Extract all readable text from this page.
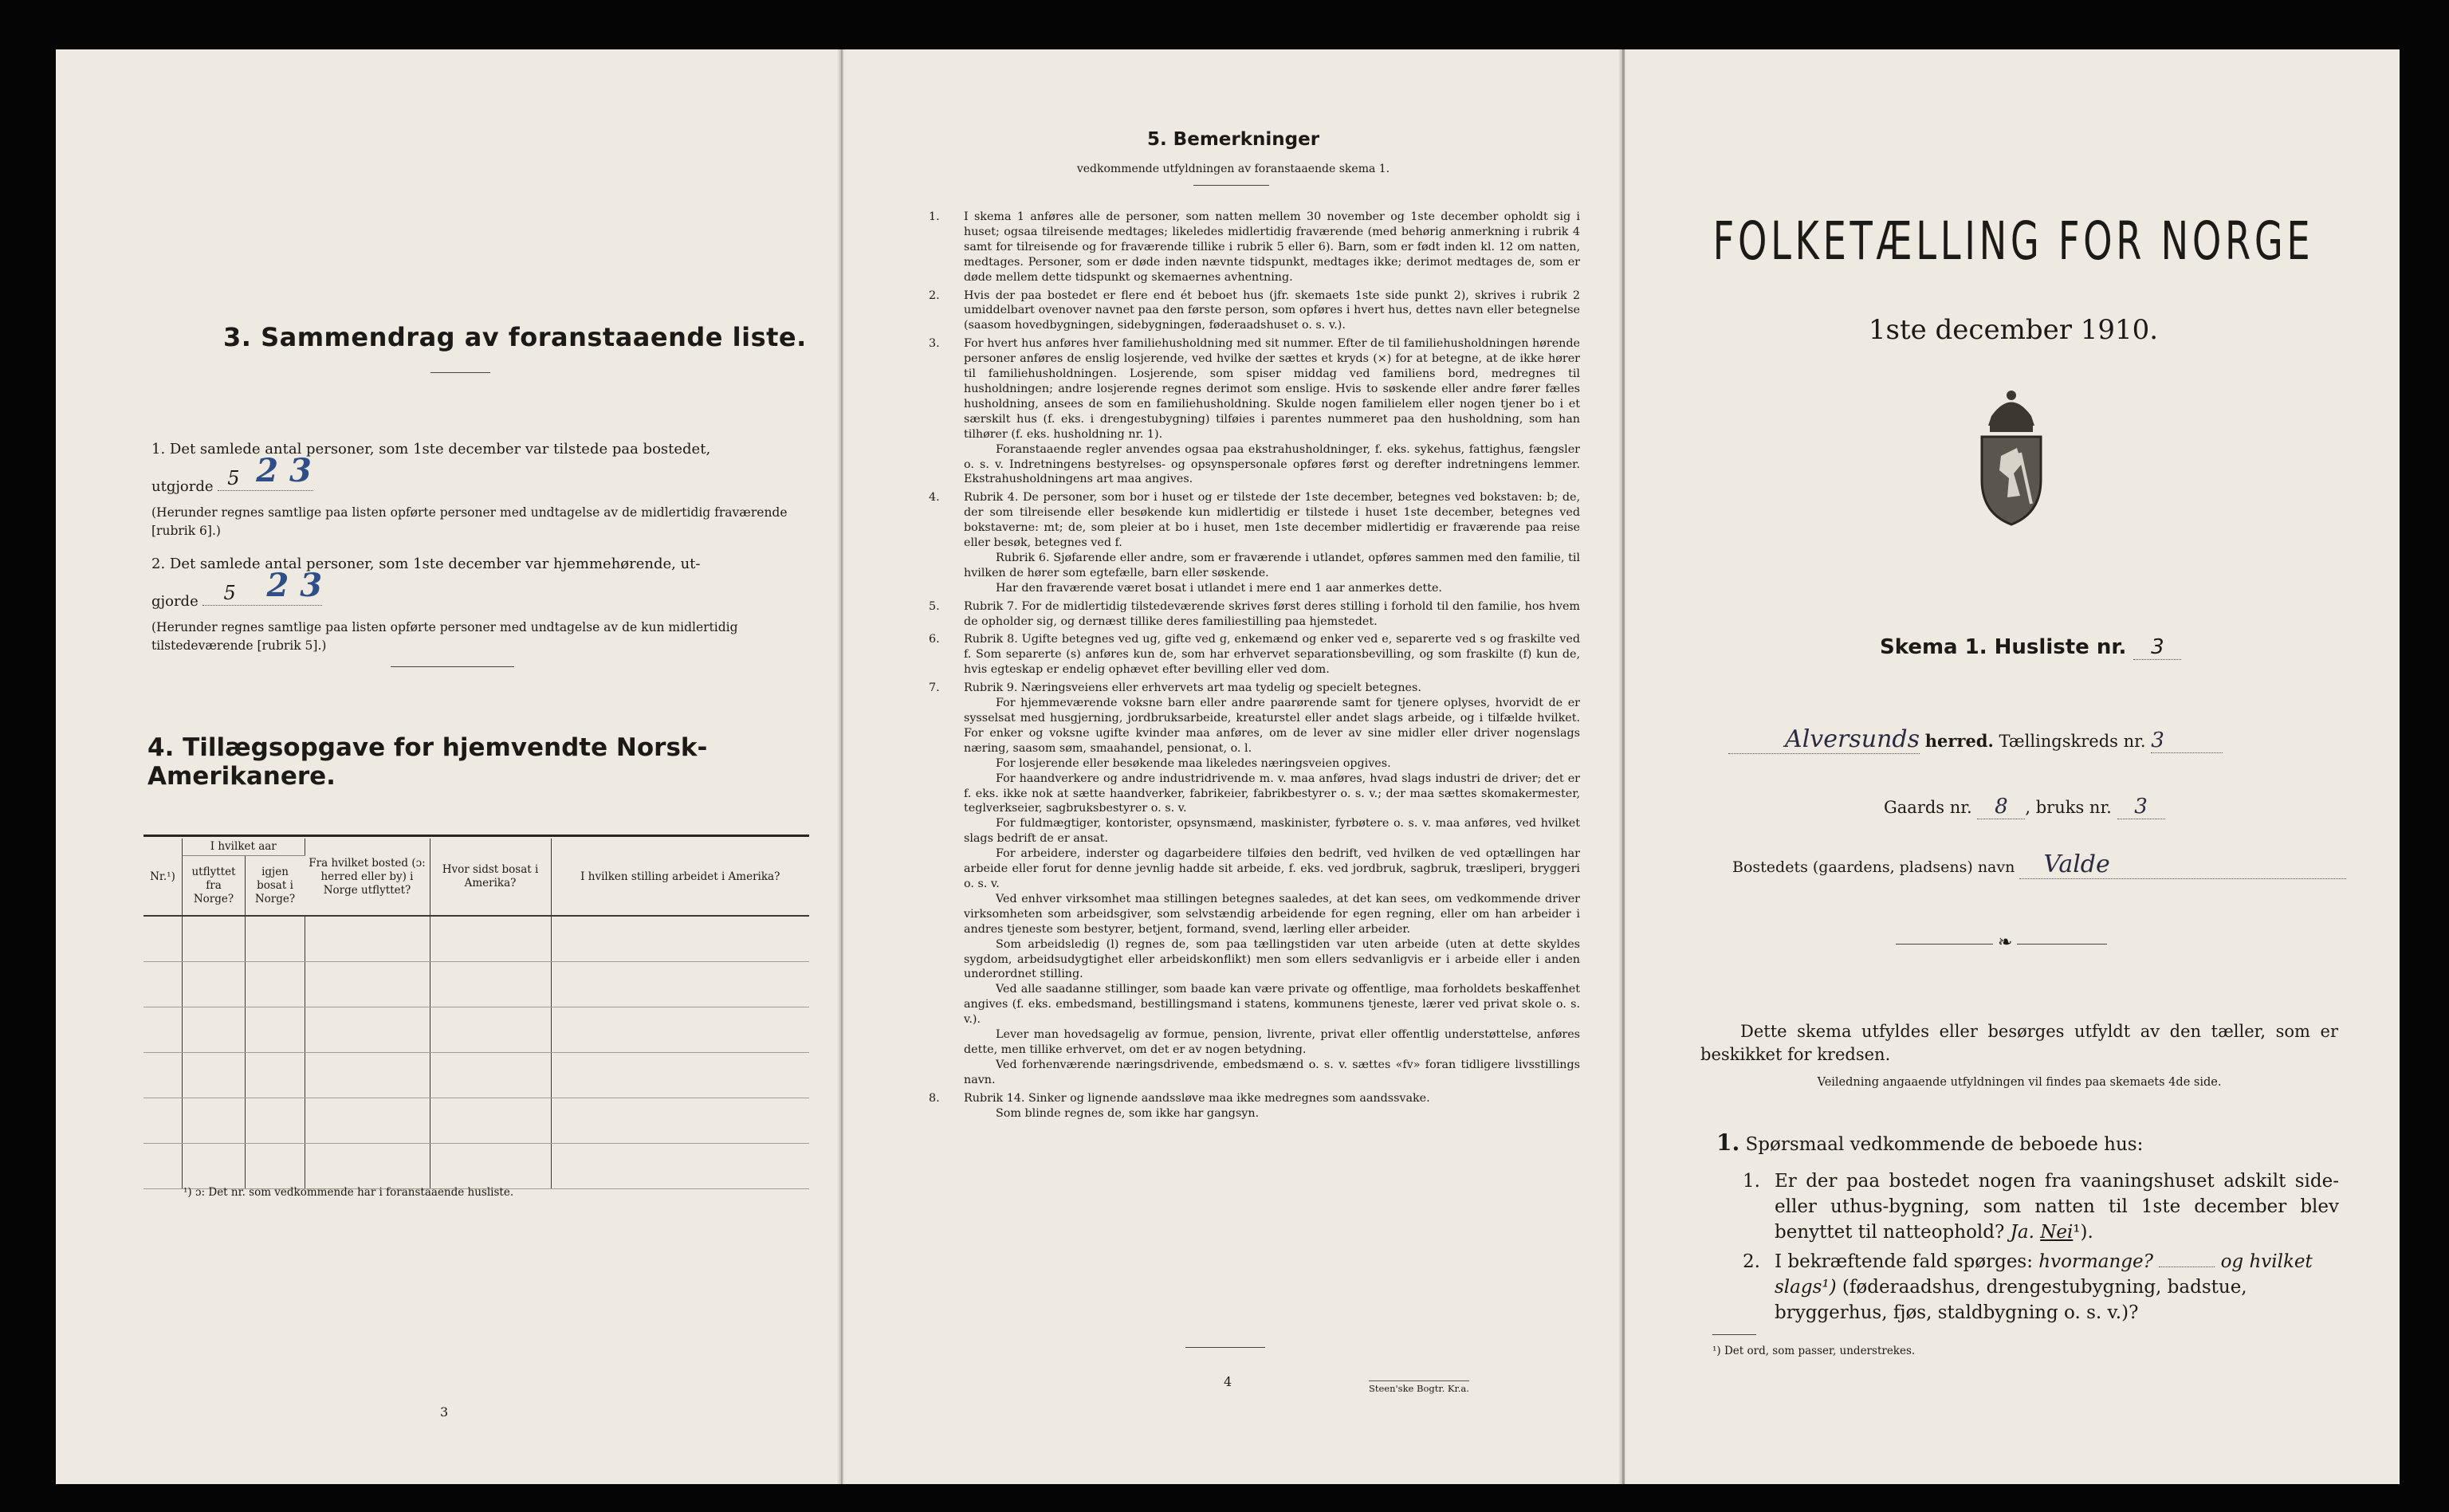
3. Sammendrag av foranstaaende liste.
1. Det samlede antal personer, som 1ste december var tilstede paa bostedet,
utgjorde 5 2 3
(Herunder regnes samtlige paa listen opførte personer med undtagelse av de midlertidig fraværende [rubrik 6].)
2. Det samlede antal personer, som 1ste december var hjemmehørende, ut-
gjorde 5 2 3
(Herunder regnes samtlige paa listen opførte personer med undtagelse av de kun midlertidig tilstedeværende [rubrik 5].)
4. Tillægsopgave for hjemvendte Norsk-Amerikanere.
Nr.¹)	I hvilket aar		Fra hvilket bosted (ɔ: herred eller by) i Norge utflyttet?	Hvor sidst bosat i Amerika?	I hvilken stilling arbeidet i Amerika?
	utflyttet fra Norge?	igjen bosat i Norge?			

¹) ɔ: Det nr. som vedkommende har i foranstaaende husliste.
3
5. Bemerkninger
vedkommende utfyldningen av foranstaaende skema 1.

1. I skema 1 anføres alle de personer, som natten mellem 30 november og 1ste december opholdt sig i huset; ogsaa tilreisende medtages; likeledes midlertidig fraværende (med behørig anmerkning i rubrik 4 samt for tilreisende og for fraværende tillike i rubrik 5 eller 6). Barn, som er født inden kl. 12 om natten, medtages. Personer, som er døde inden nævnte tidspunkt, medtages ikke; derimot medtages de, som er døde mellem dette tidspunkt og skemaernes avhentning.

2. Hvis der paa bostedet er flere end ét beboet hus (jfr. skemaets 1ste side punkt 2), skrives i rubrik 2 umiddelbart ovenover navnet paa den første person, som opføres i hvert hus, dettes navn eller betegnelse (saasom hovedbygningen, sidebygningen, føderaadshuset o. s. v.).

3. For hvert hus anføres hver familiehusholdning med sit nummer. Efter de til familiehusholdningen hørende personer anføres de enslig losjerende, ved hvilke der sættes et kryds (×) for at betegne, at de ikke hører til familiehusholdningen. Losjerende, som spiser middag ved familiens bord, medregnes til husholdningen; andre losjerende regnes derimot som enslige. Hvis to søskende eller andre fører fælles husholdning, ansees de som en familiehusholdning. Skulde nogen familielem eller nogen tjener bo i et særskilt hus (f. eks. i drengestubygning) tilføies i parentes nummeret paa den husholdning, som han tilhører (f. eks. husholdning nr. 1).

Foranstaaende regler anvendes ogsaa paa ekstrahusholdninger, f. eks. sykehus, fattighus, fængsler o. s. v. Indretningens bestyrelses- og opsynspersonale opføres først og derefter indretningens lemmer. Ekstrahusholdningens art maa angives.

4. Rubrik 4. De personer, som bor i huset og er tilstede der 1ste december, betegnes ved bokstaven: b; de, der som tilreisende eller besøkende kun midlertidig er tilstede i huset 1ste december, betegnes ved bokstaverne: mt; de, som pleier at bo i huset, men 1ste december midlertidig er fraværende paa reise eller besøk, betegnes ved f.

Rubrik 6. Sjøfarende eller andre, som er fraværende i utlandet, opføres sammen med den familie, til hvilken de hører som egtefælle, barn eller søskende.

Har den fraværende været bosat i utlandet i mere end 1 aar anmerkes dette.

5. Rubrik 7. For de midlertidig tilstedeværende skrives først deres stilling i forhold til den familie, hos hvem de opholder sig, og dernæst tillike deres familiestilling paa hjemstedet.

6. Rubrik 8. Ugifte betegnes ved ug, gifte ved g, enkemænd og enker ved e, separerte ved s og fraskilte ved f. Som separerte (s) anføres kun de, som har erhvervet separationsbevilling, og som fraskilte (f) kun de, hvis egteskap er endelig ophævet efter bevilling eller ved dom.

7. Rubrik 9. Næringsveiens eller erhvervets art maa tydelig og specielt betegnes.

For hjemmeværende voksne barn eller andre paarørende samt for tjenere oplyses, hvorvidt de er sysselsat med husgjerning, jordbruksarbeide, kreaturstel eller andet slags arbeide, og i tilfælde hvilket. For enker og voksne ugifte kvinder maa anføres, om de lever av sine midler eller driver nogenslags næring, saasom søm, smaahandel, pensionat, o. l.

For losjerende eller besøkende maa likeledes næringsveien opgives.

For haandverkere og andre industridrivende m. v. maa anføres, hvad slags industri de driver; det er f. eks. ikke nok at sætte haandverker, fabrikeier, fabrikbestyrer o. s. v.; der maa sættes skomakermester, teglverkseier, sagbruksbestyrer o. s. v.

For fuldmægtiger, kontorister, opsynsmænd, maskinister, fyrbøtere o. s. v. maa anføres, ved hvilket slags bedrift de er ansat.

For arbeidere, inderster og dagarbeidere tilføies den bedrift, ved hvilken de ved optællingen har arbeide eller forut for denne jevnlig hadde sit arbeide, f. eks. ved jordbruk, sagbruk, træsliperi, bryggeri o. s. v.

Ved enhver virksomhet maa stillingen betegnes saaledes, at det kan sees, om vedkommende driver virksomheten som arbeidsgiver, som selvstændig arbeidende for egen regning, eller om han arbeider i andres tjeneste som bestyrer, betjent, formand, svend, lærling eller arbeider.

Som arbeidsledig (l) regnes de, som paa tællingstiden var uten arbeide (uten at dette skyldes sygdom, arbeidsudygtighet eller arbeidskonflikt) men som ellers sedvanligvis er i arbeide eller i anden underordnet stilling.

Ved alle saadanne stillinger, som baade kan være private og offentlige, maa forholdets beskaffenhet angives (f. eks. embedsmand, bestillingsmand i statens, kommunens tjeneste, lærer ved privat skole o. s. v.).

Lever man hovedsagelig av formue, pension, livrente, privat eller offentlig understøttelse, anføres dette, men tillike erhvervet, om det er av nogen betydning.

Ved forhenværende næringsdrivende, embedsmænd o. s. v. sættes «fv» foran tidligere livsstillings navn.

8. Rubrik 14. Sinker og lignende aandssløve maa ikke medregnes som aandssvake.

Som blinde regnes de, som ikke har gangsyn.

4	Steen'ske Bogtr. Kr.a.
FOLKETÆLLING FOR NORGE
1ste december 1910.
Skema 1. Husliste nr. 3
Alversunds herred. Tællingskreds nr. 3
Gaards nr. 8 , bruks nr. 3
Bostedets (gaardens, pladsens) navn Valde
❧
Dette skema utfyldes eller besørges utfyldt av den tæller, som er beskikket for kredsen.
Veiledning angaaende utfyldningen vil findes paa skemaets 4de side.
1. Spørsmaal vedkommende de beboede hus:
1. Er der paa bostedet nogen fra vaaningshuset adskilt side- eller uthus-bygning, som natten til 1ste december blev benyttet til natteophold? Ja. Nei¹).
2. I bekræftende fald spørges: hvormange?	og hvilket slags¹) (føderaadshus, drengestubygning, badstue, bryggerhus, fjøs, staldbygning o. s. v.)?
¹) Det ord, som passer, understrekes.
